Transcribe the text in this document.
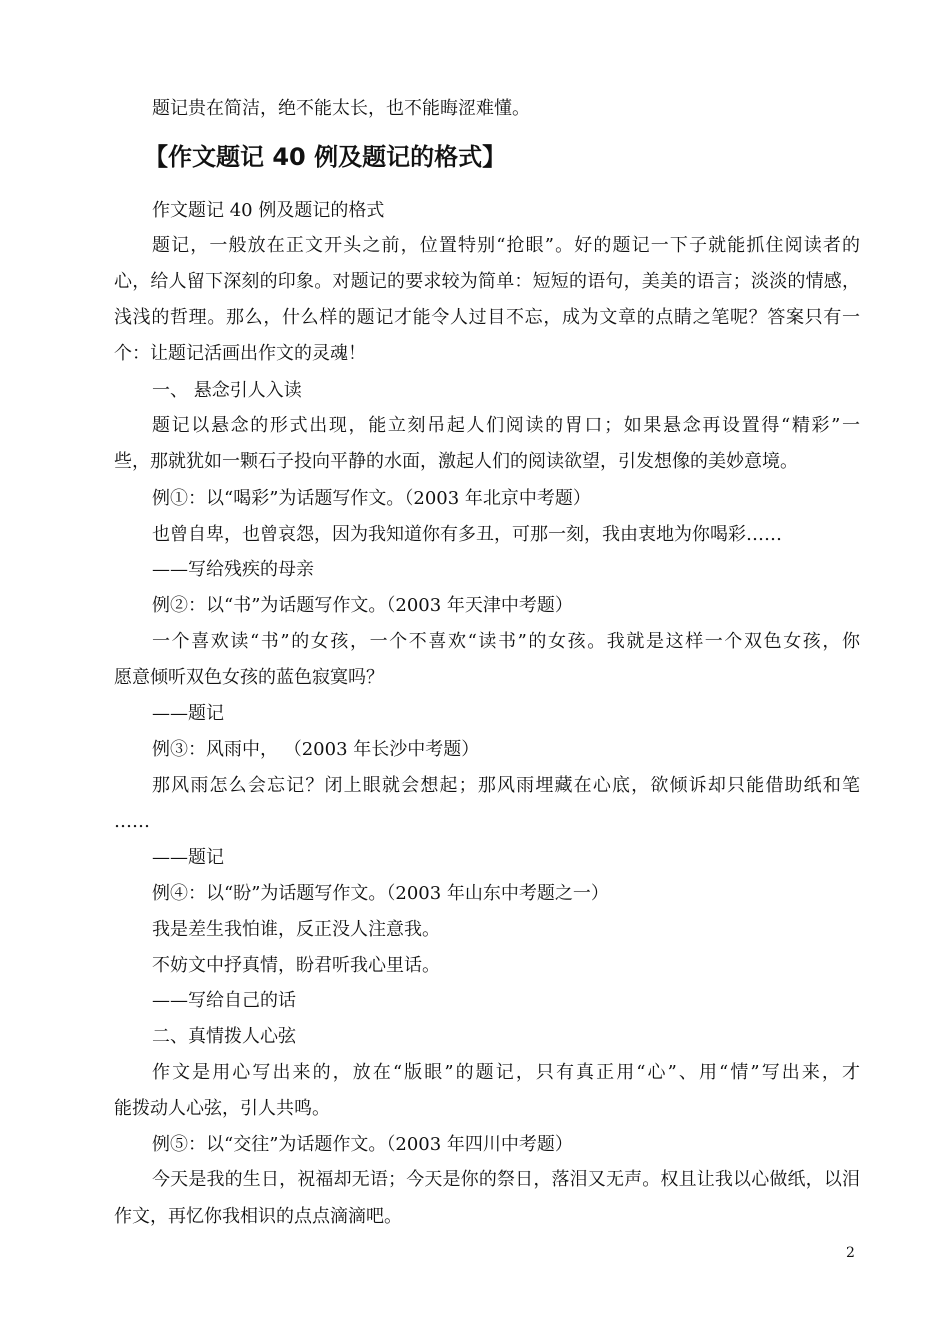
题记贵在简洁，绝不能太长，也不能晦涩难懂。
【作文题记 40 例及题记的格式】
作文题记 40 例及题记的格式
题记，一般放在正文开头之前，位置特别“抢眼”。好的题记一下子就能抓住阅读者的
心，给人留下深刻的印象。对题记的要求较为简单：短短的语句，美美的语言；淡淡的情感，
浅浅的哲理。那么，什么样的题记才能令人过目不忘，成为文章的点睛之笔呢？答案只有一
个：让题记活画出作文的灵魂！
一、 悬念引人入读
题记以悬念的形式出现，能立刻吊起人们阅读的胃口；如果悬念再设置得“精彩”一
些，那就犹如一颗石子投向平静的水面，激起人们的阅读欲望，引发想像的美妙意境。
例①：以“喝彩”为话题写作文。（2003 年北京中考题）
也曾自卑，也曾哀怨，因为我知道你有多丑，可那一刻，我由衷地为你喝彩……
——写给残疾的母亲
例②：以“书”为话题写作文。（2003 年天津中考题）
一个喜欢读“书”的女孩，一个不喜欢“读书”的女孩。我就是这样一个双色女孩，你
愿意倾听双色女孩的蓝色寂寞吗？
——题记
例③：风雨中， （2003 年长沙中考题）
那风雨怎么会忘记？闭上眼就会想起；那风雨埋藏在心底，欲倾诉却只能借助纸和笔
……
——题记
例④：以“盼”为话题写作文。（2003 年山东中考题之一）
我是差生我怕谁，反正没人注意我。
不妨文中抒真情，盼君听我心里话。
——写给自己的话
二、真情拨人心弦
作文是用心写出来的，放在“版眼”的题记，只有真正用“心”、用“情”写出来，才
能拨动人心弦，引人共鸣。
例⑤：以“交往”为话题作文。（2003 年四川中考题）
今天是我的生日，祝福却无语；今天是你的祭日，落泪又无声。权且让我以心做纸，以泪
作文，再忆你我相识的点点滴滴吧。
2
